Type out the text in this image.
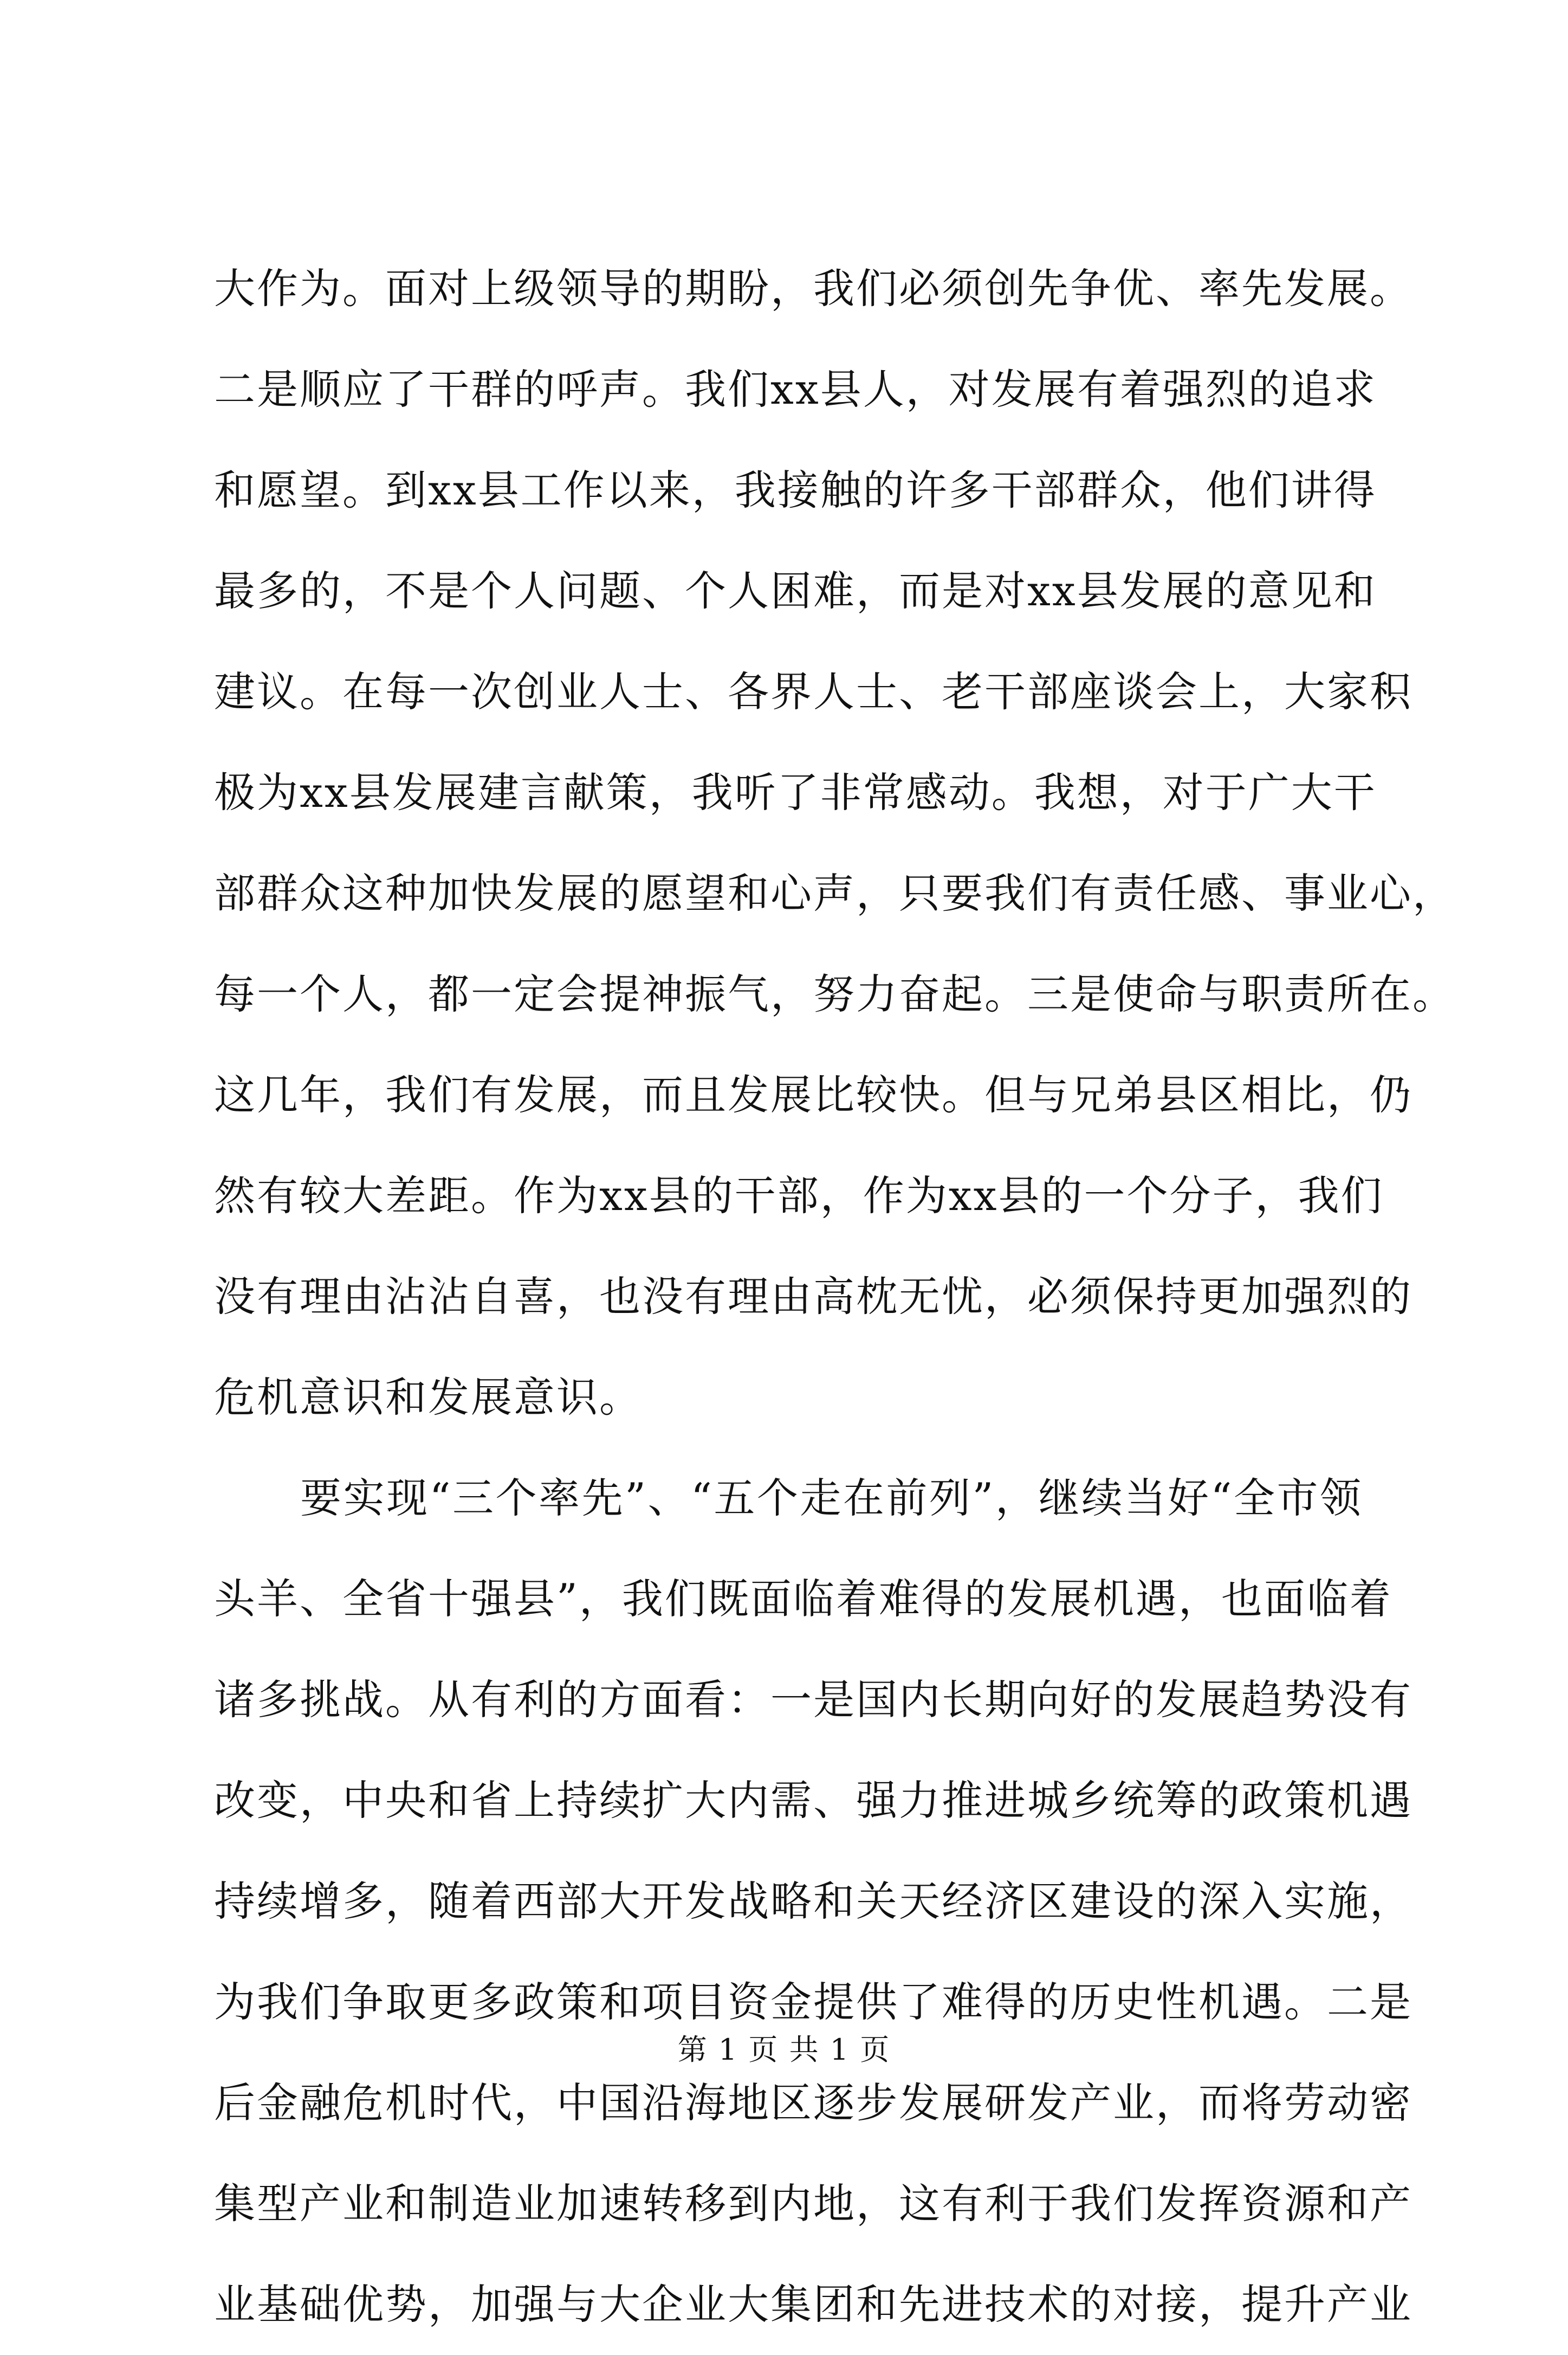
大作为。面对上级领导的期盼，我们必须创先争优、率先发展。
二是顺应了干群的呼声。我们xx县人，对发展有着强烈的追求
和愿望。到xx县工作以来，我接触的许多干部群众，他们讲得
最多的，不是个人问题、个人困难，而是对xx县发展的意见和
建议。在每一次创业人士、各界人士、老干部座谈会上，大家积
极为xx县发展建言献策，我听了非常感动。我想，对于广大干
部群众这种加快发展的愿望和心声，只要我们有责任感、事业心，
每一个人，都一定会提神振气，努力奋起。三是使命与职责所在。
这几年，我们有发展，而且发展比较快。但与兄弟县区相比，仍
然有较大差距。作为xx县的干部，作为xx县的一个分子，我们
没有理由沾沾自喜，也没有理由高枕无忧，必须保持更加强烈的
危机意识和发展意识。
　　要实现“三个率先”、“五个走在前列”，继续当好“全市领
头羊、全省十强县”，我们既面临着难得的发展机遇，也面临着
诸多挑战。从有利的方面看：一是国内长期向好的发展趋势没有
改变，中央和省上持续扩大内需、强力推进城乡统筹的政策机遇
持续增多，随着西部大开发战略和关天经济区建设的深入实施，
为我们争取更多政策和项目资金提供了难得的历史性机遇。二是
后金融危机时代，中国沿海地区逐步发展研发产业，而将劳动密
集型产业和制造业加速转移到内地，这有利于我们发挥资源和产
业基础优势，加强与大企业大集团和先进技术的对接，提升产业
第 1 页 共 1 页
